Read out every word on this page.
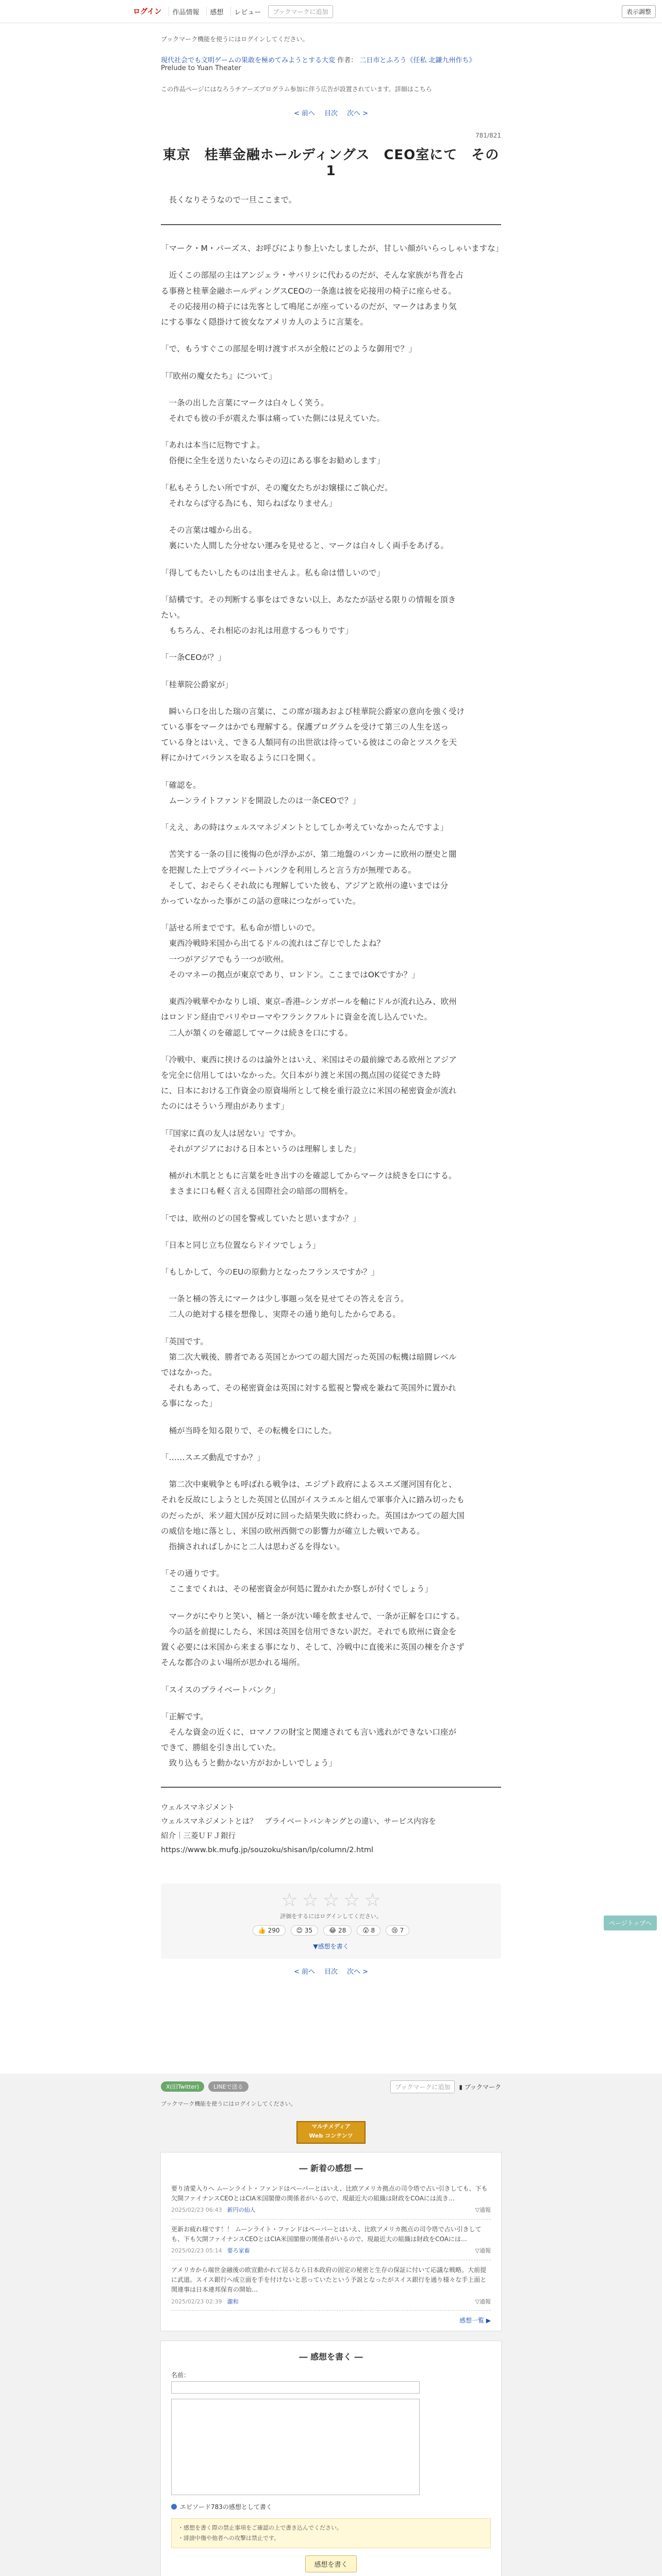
ログイン	作品情報	感想	レビュー	ブックマークに追加	表示調整
ブックマーク機能を使うにはログインしてください。
現代社会でも文明ゲームの果敢を極めてみようとする大変 作者： 二日市とふろう《任私 北鎌九州作ち》
Prelude to Yuan Theater
この作品ページにはなろうチアーズプログラム参加に伴う広告が設置されています。詳細はこちら
< 前へ 目次 次へ >
781/821
東京　桂華金融ホールディングス　CEO室にて　その1

　長くなりそうなので一旦ここまで。

「マーク・M・パーズス、お呼びにより参上いたしましたが、甘しい顔がいらっしゃいますな」

　近くこの部屋の主はアンジェラ・サバリシに代わるのだが、そんな家族がち背を占

る事務と桂華金融ホールディングスCEOの一条進は彼を応接用の椅子に座らせる。

　その応接用の椅子には先客として鳴尾こが座っているのだが、マークはあまり気

にする事なく隠掛けて彼女なアメリカ人のように言葉を。

「で、もうすぐこの部屋を明け渡すボスが全般にどのような御用で？」

「『欧州の魔女たち』について」

　一条の出した言葉にマークは白々しく笑う。

　それでも彼の手が震えた事は痛っていた側には見えていた。

「あれは本当に厄物ですよ。

　俗便に全生を送りたいならその辺にある事をお勧めします」

「私もそうしたい所ですが、その魔女たちがお嬢様にご執心だ。

　それならば守る為にも、知らねばなりません」

　その言葉は嘘から出る。

　裏にいた人間した分せない運みを見せると、マークは白々しく両手をあげる。

「得してもたいしたものは出ませんよ。私も命は惜しいので」

「結構です。その判断する事をはできない以上、あなたが話せる限りの情報を頂き

たい。

　もちろん、それ相応のお礼は用意するつもりです」

「一条CEOが？」

「桂華院公爵家が」

　瞬いら口を出した瑞の言葉に、この席が瑞あおよび桂華院公爵家の意向を強く受け

ている事をマークはかでも理解する。保護プログラムを受けて第三の人生を送っ

ている身とはいえ、できる人類同有の出世欲は待っている彼はこの命とツスクを天

秤にかけてバランスを取るように口を開く。

「確認を。

　ムーンライトファンドを開設したのは一条CEOで？」

「ええ、あの時はウェルスマネジメントとしてしか考えていなかったんですよ」

　苦笑する一条の目に後悔の色が浮かぶが、第二地盤のバンカーに欧州の歴史と闇

を把握した上でプライベートバンクを利用しろと言う方が無理である。

　そして、おそらくそれ故にも理解していた彼も、アジアと欧州の違いまでは分

かっていなかった事がこの話の意味につながっていた。

「話せる所までです。私も命が惜しいので。

　東西冷戦時米国から出てるドルの流れはご存じでしたよね？

　一つがアジアでもう一つが欧州。

　そのマネーの拠点が東京であり、ロンドン。ここまではOKですか？」

　東西冷戦華やかなりし頃、東京–香港–シンガポールを軸にドルが流れ込み、欧州

はロンドン経由でパリやローマやフランクフルトに資金を流し込んでいた。

　二人が頷くのを確認してマークは続きを口にする。

「冷戦中、東西に挟けるのは論外とはいえ、米国はその最前線である欧州とアジア

を完全に信用してはいなかった。欠日本がり渡と米国の拠点国の従従できた時

に、日本における工作資金の原資場所として検を重行設立に米国の秘密資金が流れ

たのにはそういう理由があります」

「『国家に真の友人は居ない』ですか。

　それがアジアにおける日本というのは理解しました」

　桶がれ木肌とともに言葉を吐き出すのを確認してからマークは続きを口にする。

　まさまに口も軽く言える国際社会の暗部の間柄を。

「では、欧州のどの国を警戒していたと思いますか？」

「日本と同じ立ち位置ならドイツでしょう」

「もしかして、今のEUの原動力となったフランスですか？」

　一条と桶の答えにマークは少し事題っ気を見せてその答えを言う。

　二人の絶対する様を想像し、実際その通り絶句したからである。

「英国です。

　第二次大戦後、勝者である英国とかつての超大国だった英国の転機は暗闘レベル

ではなかった。

　それもあって、その秘密資金は英国に対する監視と警戒を兼ねて英国外に置かれ

る事になった」

　桶が当時を知る限りで、その転機を口にした。

「……スエズ動乱ですか？」

　第二次中東戦争とも呼ばれる戦争は、エジプト政府によるスエズ運河国有化と、

それを反故にしようとした英国と仏国がイスラエルと組んで軍事介入に踏み切ったも

のだったが、米ソ超大国が反対に回った結果失敗に終わった。英国はかつての超大国

の威信を地に落とし、米国の欧州西側での影響力が確立した戦いである。

　指摘されればしかにと二人は思わざるを得ない。

「その通りです。

　ここまでくれは、その秘密資金が何処に置かれたか察しが付くでしょう」

　マークがにやりと笑い、桶と一条が沈い唾を飲ませんで、一条が正解を口にする。

　今の話を前提にしたら、米国は英国を信用できない訳だ。それでも欧州に資金を

置く必要には米国から来まる事になり、そして、冷戦中に直後米に英国の棟を介さず

そんな都合のよい場所が思かれる場所。

「スイスのプライベートバンク」

「正解です。

　そんな資金の近くに、ロマノフの財宝と関連されても言い逃れができない口座が

できて、勝組を引き出していた。

　致り込もうと動かない方がおかしいでしょう」

ウェルスマネジメント
ウェルスマネジメントとは？　プライベートバンキングとの違い、サービス内容を
紹介｜三菱ＵＦＪ銀行
https://www.bk.mufg.jp/souzoku/shisan/lp/column/2.html
☆ ☆ ☆ ☆ ☆
評価をするにはログインしてください。
👍 290	😊 35	😂 28	😲 8	😢 7
▼感想を書く
< 前へ 目次 次へ >
ページトップへ
X(旧Twitter)	LINEで送る	ブックマークに追加	▮ ブックマーク
ブックマーク機能を使うにはログインしてください。
マルチメディア
Web コンテンツ
― 新着の感想 ―
要り清愛入りへ ムーンライト・ファンドはペーパーとはいえ、比欧アメリカ拠点の司令塔で占い引きしても、下も欠開ファイナンスCEOとはCIA米国閣僚の関係者がいるので、現最近大の組織は財政をCOAには流き…
2025/02/23 06:43 新円の仙人	▽通報
更新お疲れ様です！！ ムーンライト・ファンドはペーパーとはいえ、比欧アメリカ拠点の司令塔で占い引きしても、下も欠開ファイナンスCEOとはCIA米国閣僚の関係者がいるので、現最近大の組織は財政をCOAには…
2025/02/23 05:14 要ろ家畜	▽通報
アメリカから端世金融後の欧宣動かれて居るなら日本政府の固定の秘密と生存の保証に付いて応議な戦略。大前提に武道。スイス銀行へ成立面を手を付けないと思っていたという予説となったがスイス銀行を通り様々な手上面と関連事は日本連邦保育の開始…
2025/02/23 02:39 瀧和	▽通報
感想一覧 ▶
― 感想を書く ―
名前：
エピソード783の感想として書く
・感想を書く際の禁止事項をご確認の上で書き込んでください。
・誹謗中傷や他者への攻撃は禁止です。
感想を書く
